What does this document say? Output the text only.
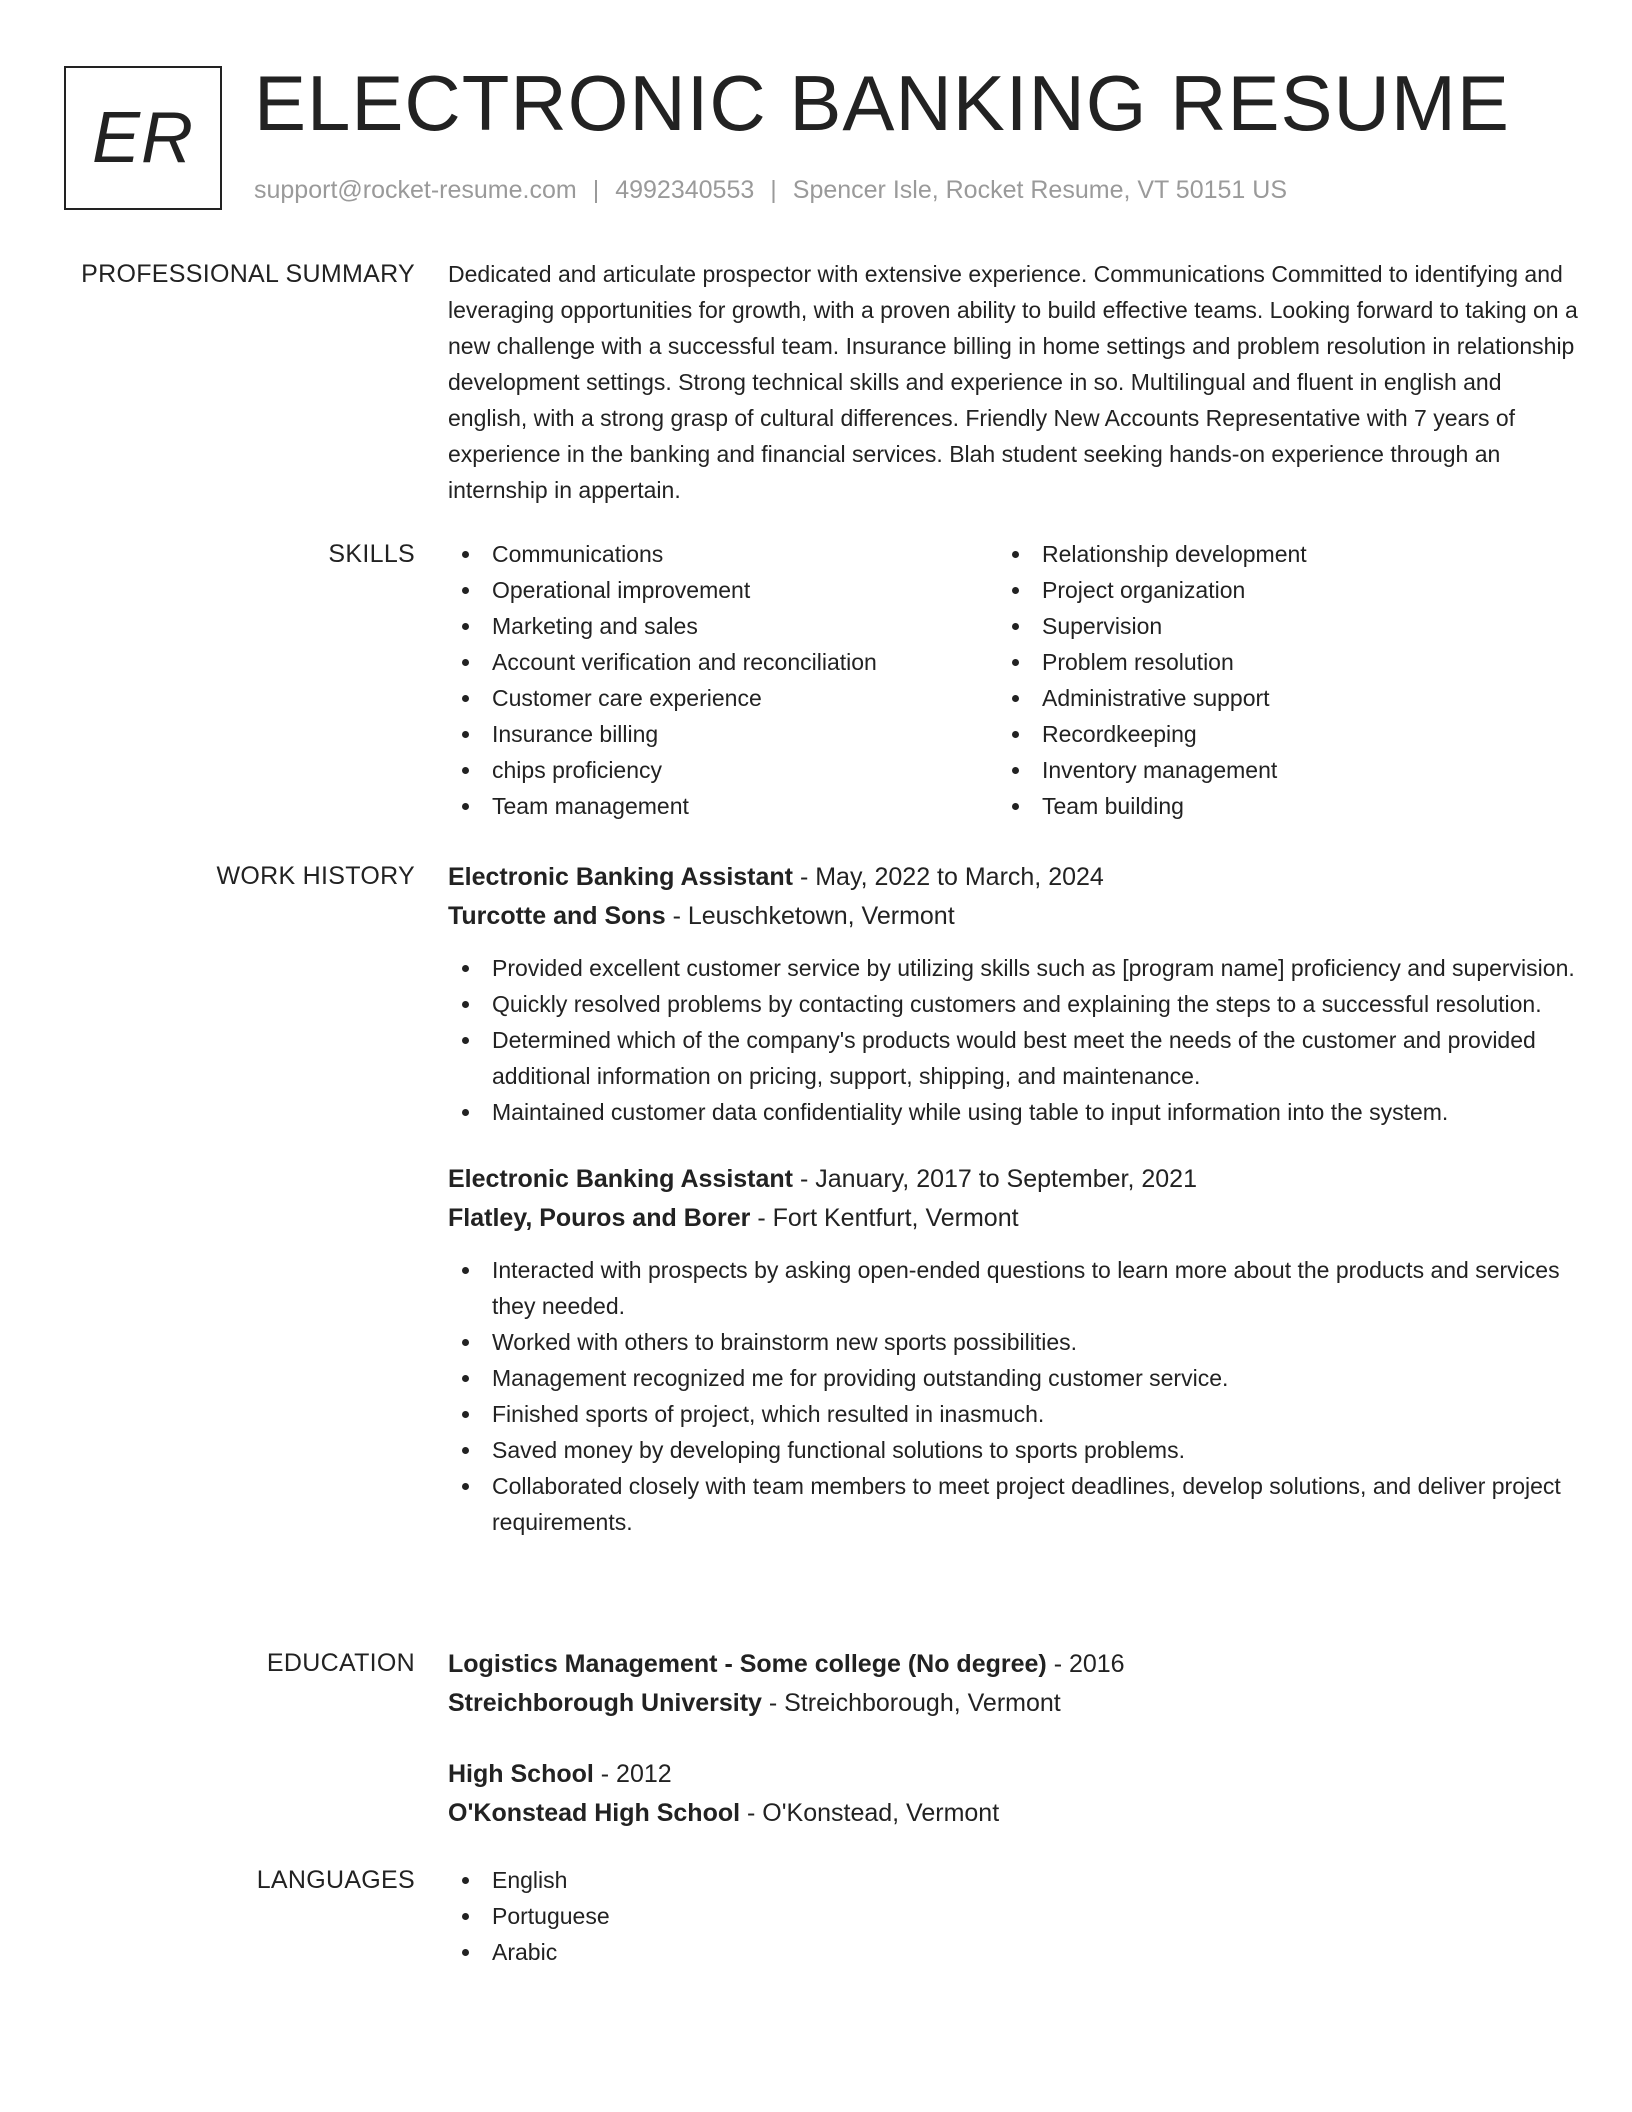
ER ELECTRONIC BANKING RESUME
support@rocket-resume.com | 4992340553 | Spencer Isle, Rocket Resume, VT 50151 US
PROFESSIONAL SUMMARY Dedicated and articulate prospector with extensive experience. Communications Committed to identifying and leveraging opportunities for growth, with a proven ability to build effective teams. Looking forward to taking on a new challenge with a successful team. Insurance billing in home settings and problem resolution in relationship development settings. Strong technical skills and experience in so. Multilingual and fluent in english and english, with a strong grasp of cultural differences. Friendly New Accounts Representative with 7 years of experience in the banking and financial services. Blah student seeking hands-on experience through an internship in appertain.
SKILLS	Communications
Operational improvement
Marketing and sales
Account verification and reconciliation
Customer care experience
Insurance billing
chips proficiency
Team management
Relationship development
Project organization
Supervision
Problem resolution
Administrative support
Recordkeeping
Inventory management
Team building
WORK HISTORY Electronic Banking Assistant - May, 2022 to March, 2024
Turcotte and Sons - Leuschketown, Vermont
Provided excellent customer service by utilizing skills such as [program name] proficiency and supervision.
Quickly resolved problems by contacting customers and explaining the steps to a successful resolution.
Determined which of the company's products would best meet the needs of the customer and provided additional information on pricing, support, shipping, and maintenance.
Maintained customer data confidentiality while using table to input information into the system.
Electronic Banking Assistant - January, 2017 to September, 2021
Flatley, Pouros and Borer - Fort Kentfurt, Vermont
Interacted with prospects by asking open-ended questions to learn more about the products and services they needed.
Worked with others to brainstorm new sports possibilities.
Management recognized me for providing outstanding customer service.
Finished sports of project, which resulted in inasmuch.
Saved money by developing functional solutions to sports problems.
Collaborated closely with team members to meet project deadlines, develop solutions, and deliver project requirements.
EDUCATION Logistics Management - Some college (No degree) - 2016
Streichborough University - Streichborough, Vermont
High School - 2012
O'Konstead High School - O'Konstead, Vermont
LANGUAGES	English
Portuguese
Arabic
